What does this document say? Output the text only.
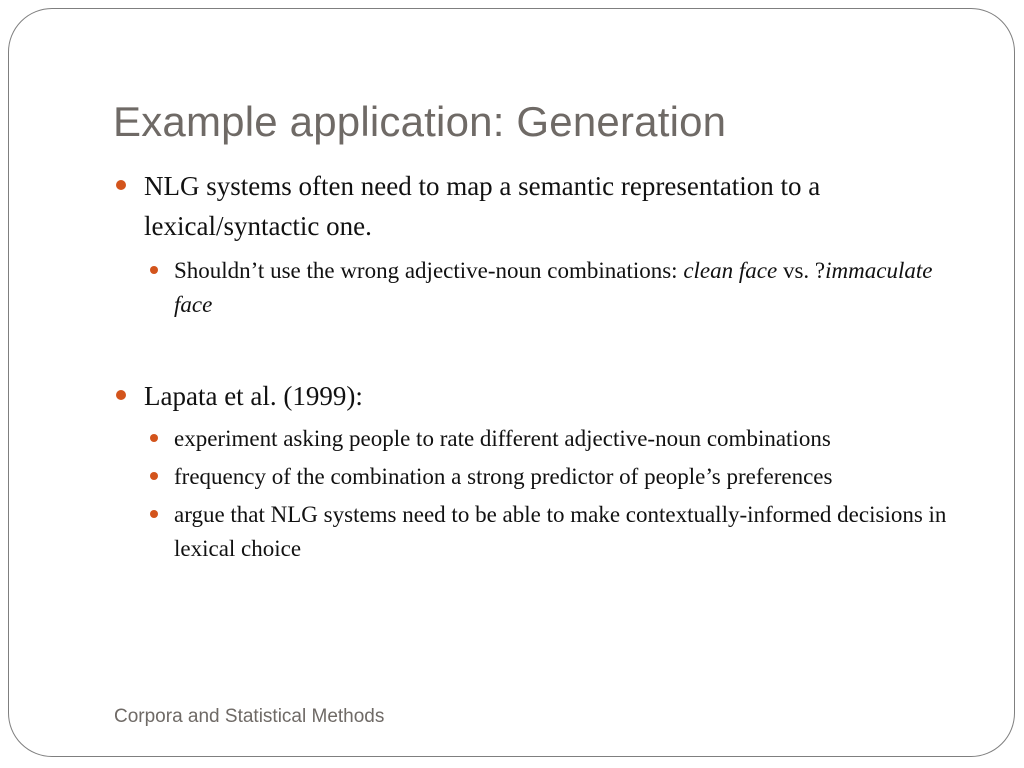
Example application: Generation
NLG systems often need to map a semantic representation to a lexical/syntactic one.
Shouldn’t use the wrong adjective-noun combinations: clean face vs. ?immaculate face
Lapata et al. (1999):
experiment asking people to rate different adjective-noun combinations
frequency of the combination a strong predictor of people’s preferences
argue that NLG systems need to be able to make contextually-informed decisions in lexical choice
Corpora and Statistical Methods
